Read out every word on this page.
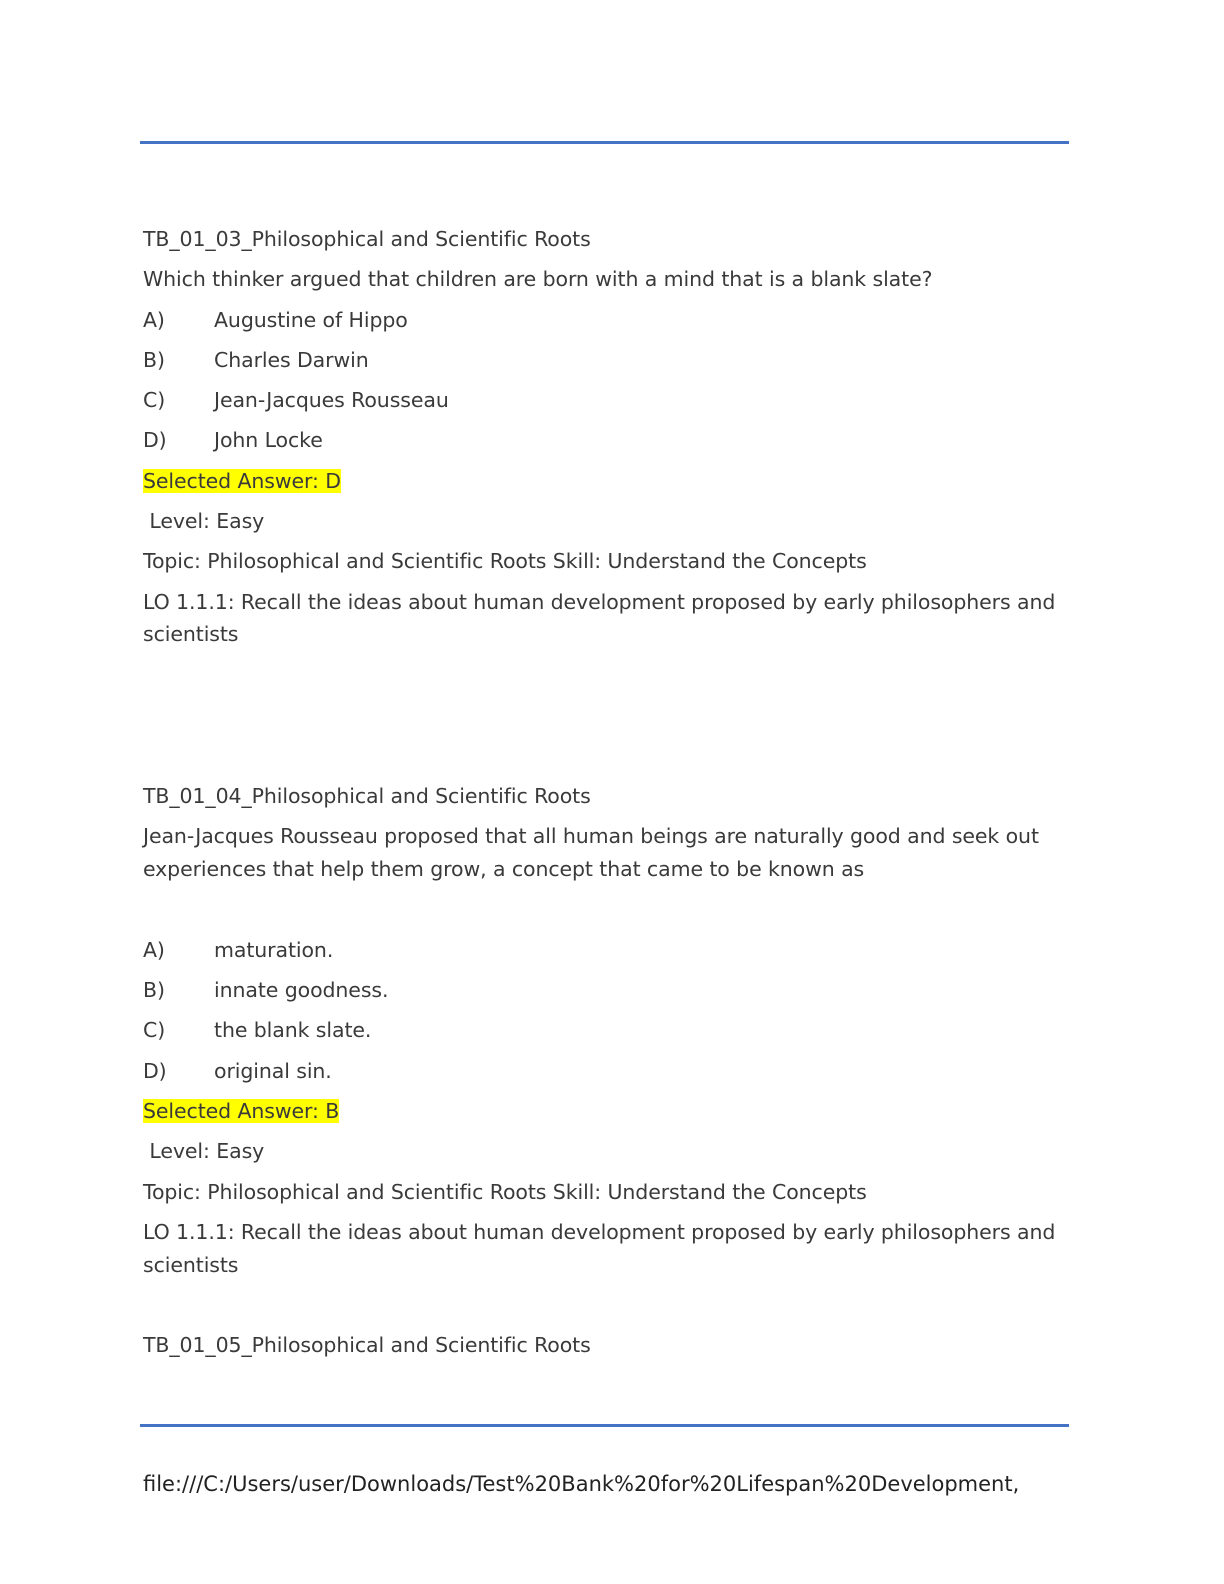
TB_01_03_Philosophical and Scientific Roots
Which thinker argued that children are born with a mind that is a blank slate?
A) Augustine of Hippo
B) Charles Darwin
C) Jean-Jacques Rousseau
D) John Locke
Selected Answer: D
Level: Easy
Topic: Philosophical and Scientific Roots Skill: Understand the Concepts
LO 1.1.1: Recall the ideas about human development proposed by early philosophers and
scientists
TB_01_04_Philosophical and Scientific Roots
Jean-Jacques Rousseau proposed that all human beings are naturally good and seek out
experiences that help them grow, a concept that came to be known as
A) maturation.
B) innate goodness.
C) the blank slate.
D) original sin.
Selected Answer: B
Level: Easy
Topic: Philosophical and Scientific Roots Skill: Understand the Concepts
LO 1.1.1: Recall the ideas about human development proposed by early philosophers and
scientists
TB_01_05_Philosophical and Scientific Roots
file:///C:/Users/user/Downloads/Test%20Bank%20for%20Lifespan%20Development,
